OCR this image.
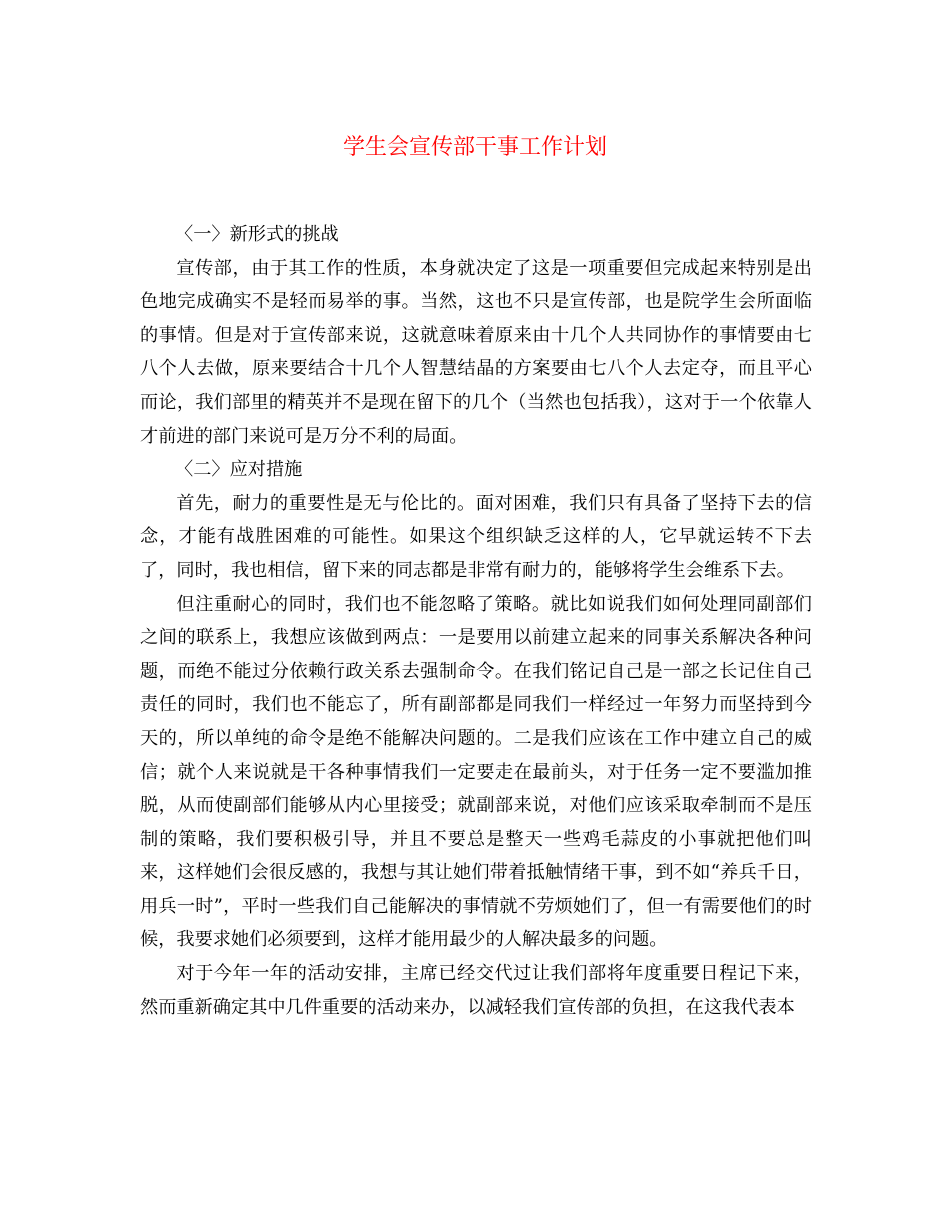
学生会宣传部干事工作计划

〈一〉新形式的挑战

宣传部，由于其工作的性质，本身就决定了这是一项重要但完成起来特别是出色地完成确实不是轻而易举的事。当然，这也不只是宣传部，也是院学生会所面临的事情。但是对于宣传部来说，这就意味着原来由十几个人共同协作的事情要由七八个人去做，原来要结合十几个人智慧结晶的方案要由七八个人去定夺，而且平心而论，我们部里的精英并不是现在留下的几个（当然也包括我），这对于一个依靠人才前进的部门来说可是万分不利的局面。

〈二〉应对措施

首先，耐力的重要性是无与伦比的。面对困难，我们只有具备了坚持下去的信念，才能有战胜困难的可能性。如果这个组织缺乏这样的人，它早就运转不下去了，同时，我也相信，留下来的同志都是非常有耐力的，能够将学生会维系下去。

但注重耐心的同时，我们也不能忽略了策略。就比如说我们如何处理同副部们之间的联系上，我想应该做到两点：一是要用以前建立起来的同事关系解决各种问题，而绝不能过分依赖行政关系去强制命令。在我们铭记自己是一部之长记住自己责任的同时，我们也不能忘了，所有副部都是同我们一样经过一年努力而坚持到今天的，所以单纯的命令是绝不能解决问题的。二是我们应该在工作中建立自己的威信；就个人来说就是干各种事情我们一定要走在最前头，对于任务一定不要滥加推脱，从而使副部们能够从内心里接受；就副部来说，对他们应该采取牵制而不是压制的策略，我们要积极引导，并且不要总是整天一些鸡毛蒜皮的小事就把他们叫来，这样她们会很反感的，我想与其让她们带着抵触情绪干事，到不如“养兵千日，用兵一时”，平时一些我们自己能解决的事情就不劳烦她们了，但一有需要他们的时候，我要求她们必须要到，这样才能用最少的人解决最多的问题。

对于今年一年的活动安排，主席已经交代过让我们部将年度重要日程记下来，然而重新确定其中几件重要的活动来办，以减轻我们宣传部的负担，在这我代表本
